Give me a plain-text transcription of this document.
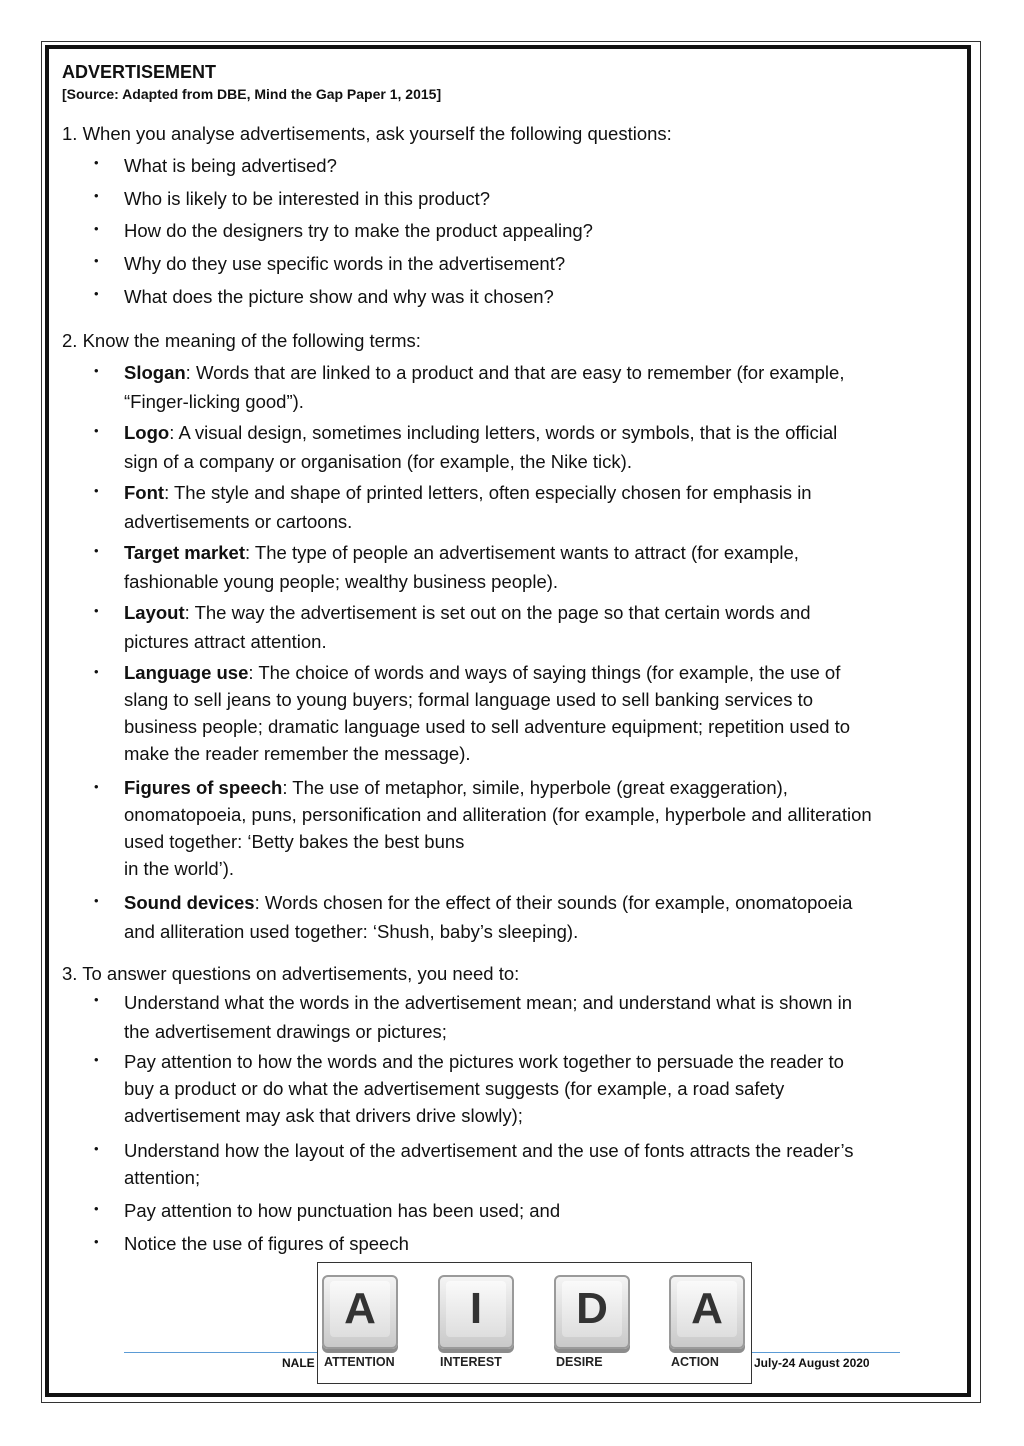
ADVERTISEMENT
[Source: Adapted from DBE, Mind the Gap Paper 1, 2015]
1. When you analyse advertisements, ask yourself the following questions:
• What is being advertised?
• Who is likely to be interested in this product?
• How do the designers try to make the product appealing?
• Why do they use specific words in the advertisement?
• What does the picture show and why was it chosen?
2. Know the meaning of the following terms:
• Slogan: Words that are linked to a product and that are easy to remember (for example,
“Finger-licking good”).
• Logo: A visual design, sometimes including letters, words or symbols, that is the official
sign of a company or organisation (for example, the Nike tick).
• Font: The style and shape of printed letters, often especially chosen for emphasis in
advertisements or cartoons.
• Target market: The type of people an advertisement wants to attract (for example,
fashionable young people; wealthy business people).
• Layout: The way the advertisement is set out on the page so that certain words and
pictures attract attention.
• Language use: The choice of words and ways of saying things (for example, the use of
slang to sell jeans to young buyers; formal language used to sell banking services to
business people; dramatic language used to sell adventure equipment; repetition used to
make the reader remember the message).
• Figures of speech: The use of metaphor, simile, hyperbole (great exaggeration),
onomatopoeia, puns, personification and alliteration (for example, hyperbole and alliteration
used together: ‘Betty bakes the best buns
in the world’).
• Sound devices: Words chosen for the effect of their sounds (for example, onomatopoeia
and alliteration used together: ‘Shush, baby’s sleeping).
3. To answer questions on advertisements, you need to:
• Understand what the words in the advertisement mean; and understand what is shown in
the advertisement drawings or pictures;
• Pay attention to how the words and the pictures work together to persuade the reader to
buy a product or do what the advertisement suggests (for example, a road safety
advertisement may ask that drivers drive slowly);
• Understand how the layout of the advertisement and the use of fonts attracts the reader’s
attention;
• Pay attention to how punctuation has been used; and
• Notice the use of figures of speech
NALE	July-24 August 2020
A
ATTENTION
I
INTEREST
D
DESIRE
A
ACTION
